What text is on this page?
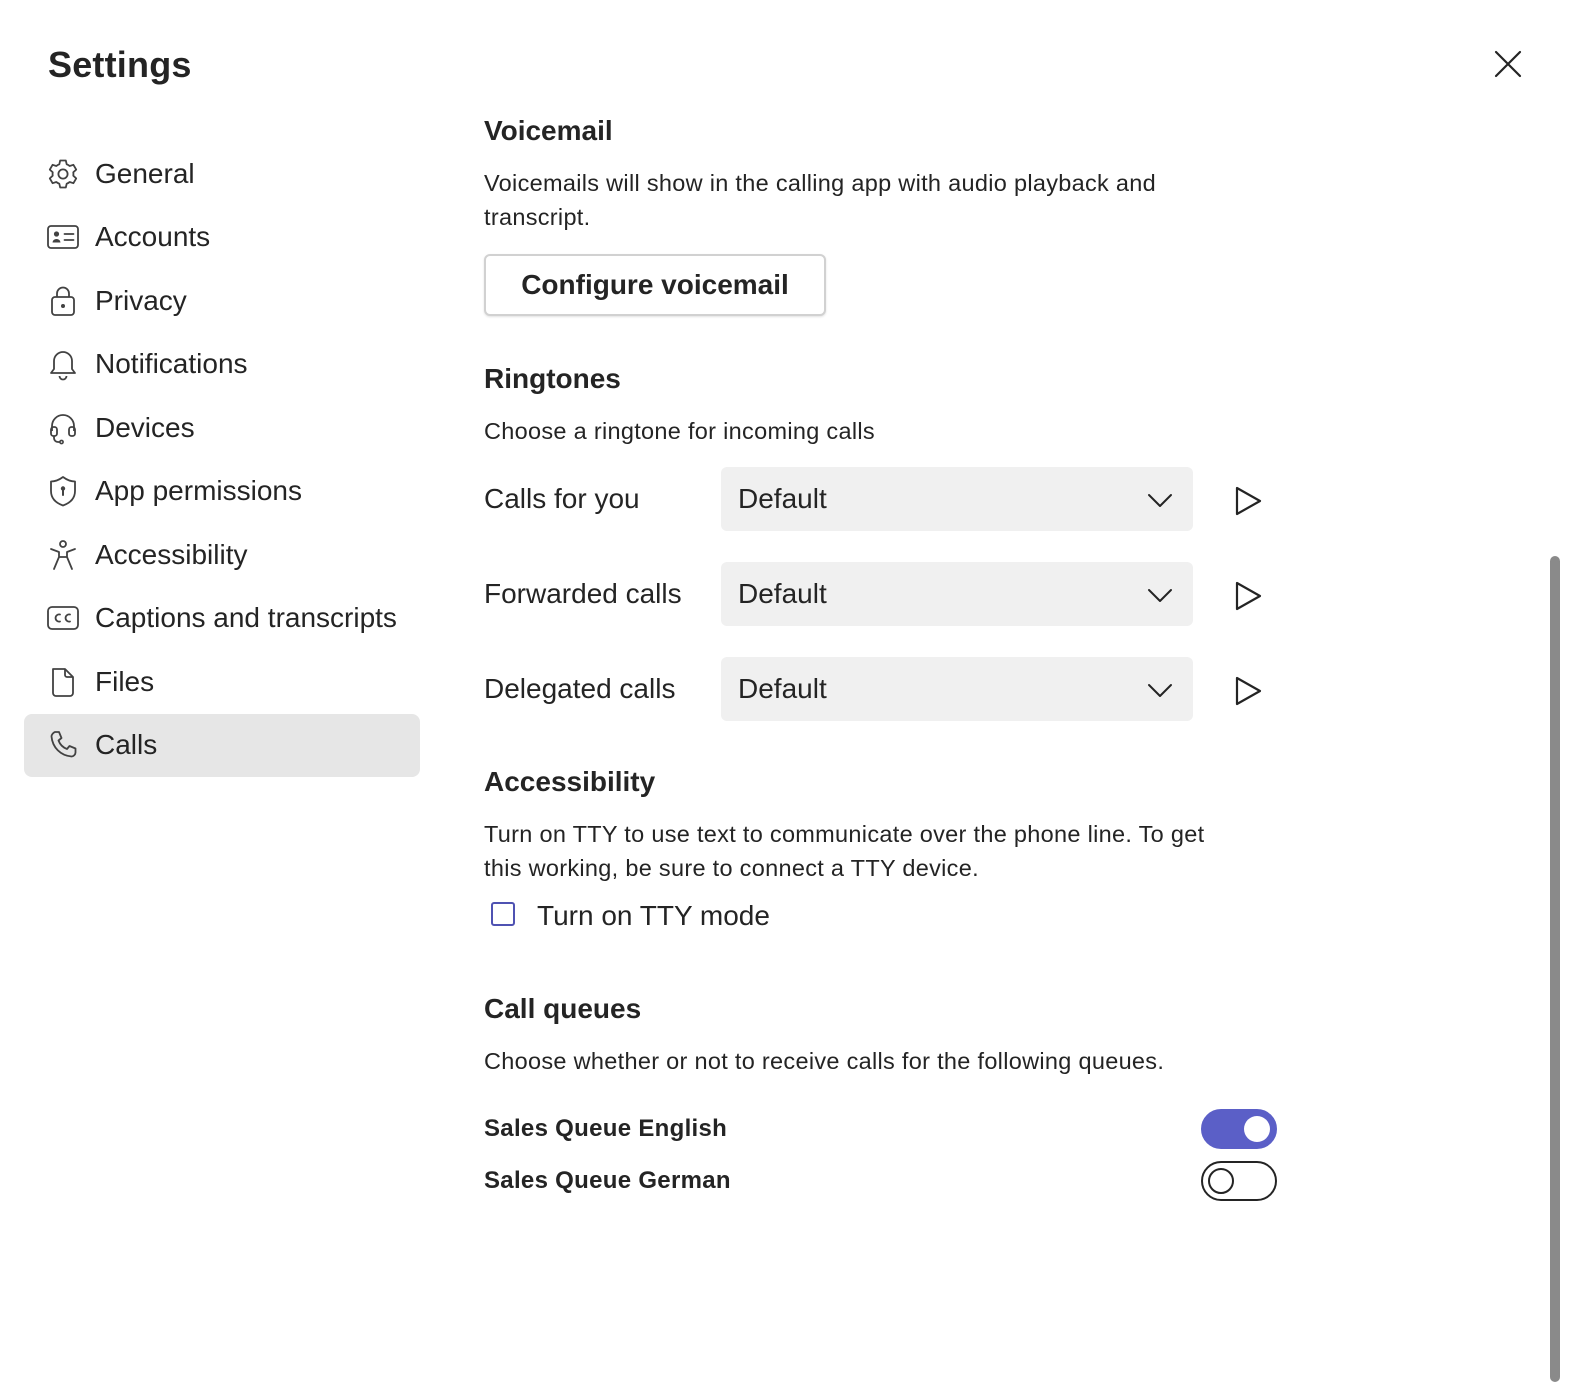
Settings
General
Accounts
Privacy
Notifications
Devices
App permissions
Accessibility
Captions and transcripts
Files
Calls
Voicemail
Voicemails will show in the calling app with audio playback and
transcript.
Configure voicemail
Ringtones
Choose a ringtone for incoming calls
Calls for you	Default
Forwarded calls Default
Delegated calls Default
Accessibility
Turn on TTY to use text to communicate over the phone line. To get
this working, be sure to connect a TTY device.
Turn on TTY mode
Call queues
Choose whether or not to receive calls for the following queues.
Sales Queue English
Sales Queue German
